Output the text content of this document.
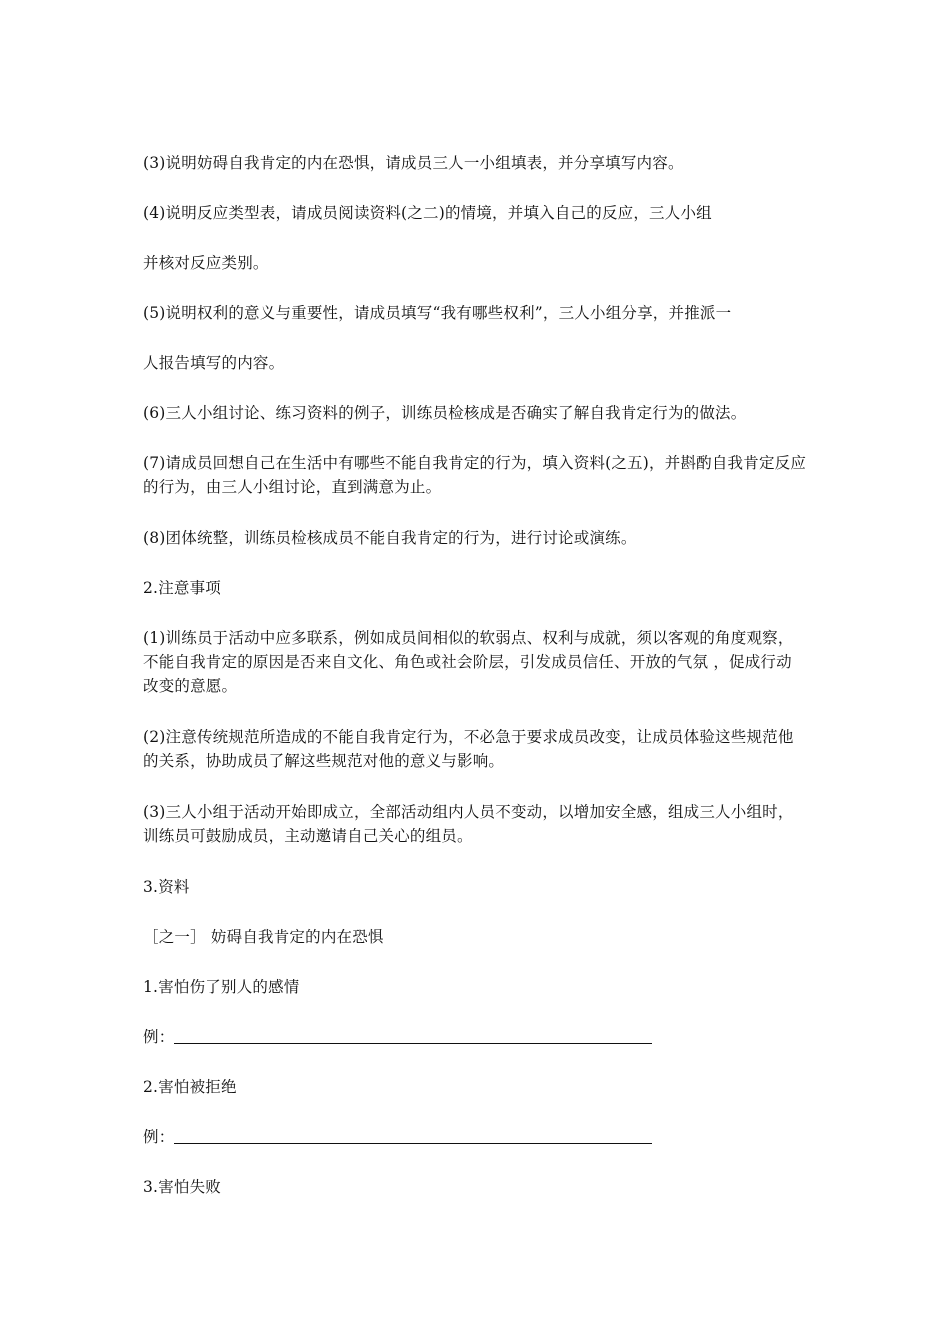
(3)说明妨碍自我肯定的内在恐惧，请成员三人一小组填表，并分享填写内容。
(4)说明反应类型表，请成员阅读资料(之二)的情境，并填入自己的反应，三人小组
并核对反应类别。
(5)说明权利的意义与重要性，请成员填写“我有哪些权利”，三人小组分享，并推派一
人报告填写的内容。
(6)三人小组讨论、练习资料的例子，训练员检核成是否确实了解自我肯定行为的做法。
(7)请成员回想自己在生活中有哪些不能自我肯定的行为，填入资料(之五)，并斟酌自我肯定反应的行为，由三人小组讨论，直到满意为止。
(8)团体统整，训练员检核成员不能自我肯定的行为，进行讨论或演练。
2.注意事项
(1)训练员于活动中应多联系，例如成员间相似的软弱点、权利与成就，须以客观的角度观察，不能自我肯定的原因是否来自文化、角色或社会阶层，引发成员信任、开放的气氛 ，促成行动改变的意愿。
(2)注意传统规范所造成的不能自我肯定行为，不必急于要求成员改变，让成员体验这些规范他的关系，协助成员了解这些规范对他的意义与影响。
(3)三人小组于活动开始即成立，全部活动组内人员不变动，以增加安全感，组成三人小组时，训练员可鼓励成员，主动邀请自己关心的组员。
3.资料
［之一］ 妨碍自我肯定的内在恐惧
1.害怕伤了别人的感情
例：
2.害怕被拒绝
例：
3.害怕失败
